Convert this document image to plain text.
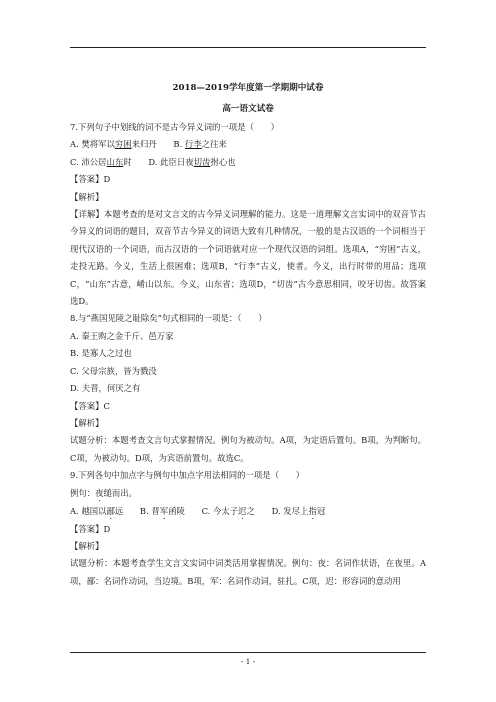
2018—2019学年度第一学期期中试卷
高一语文试卷
7.下列句子中划线的词不是古今异义词的一项是（　　）
A. 樊将军以穷困来归丹 B. 行李之往来
C. 沛公居山东时 D. 此臣日夜切齿拊心也
【答案】D
【解析】
【详解】本题考查的是对文言文的古今异义词理解的能力。这是一道理解文言实词中的双音节古今异义的词语的题目，双音节古今异义的词语大致有几种情况，一般的是古汉语的一个词相当于现代汉语的一个词语，而古汉语的一个词语就对应一个现代汉语的词组。选项A，“穷困”古义，走投无路。今义，生活上很困难；选项B，“行李”古义，使者。今义，出行时带的用品；选项C，“山东”古意，崤山以东。今义，山东省；选项D，“切齿”古今意思相同，咬牙切齿。故答案选D。
8.与“燕国见陵之耻除矣”句式相同的一项是：（　　）
A. 秦王购之金千斤、邑万家
B. 是寡人之过也
C. 父母宗族，皆为戮没
D. 夫晋，何厌之有
【答案】C
【解析】
试题分析：本题考查文言句式掌握情况。例句为被动句。A项，为定语后置句。B项，为判断句。C项，为被动句。D项，为宾语前置句。故选C。
9.下列各句中加点字与例句中加点字用法相同的一项是（　　）
例句：夜缒而出。
A. 越国以鄙远 B. 晋军函陵 C. 今太子迟之 D. 发尽上指冠
【答案】D
【解析】
试题分析：本题考查学生文言文实词中词类活用掌握情况。例句：夜：名词作状语，在夜里。A项，鄙：名词作动词，当边境。B项，军：名词作动词，驻扎。C项，迟：形容词的意动用
- 1 -
